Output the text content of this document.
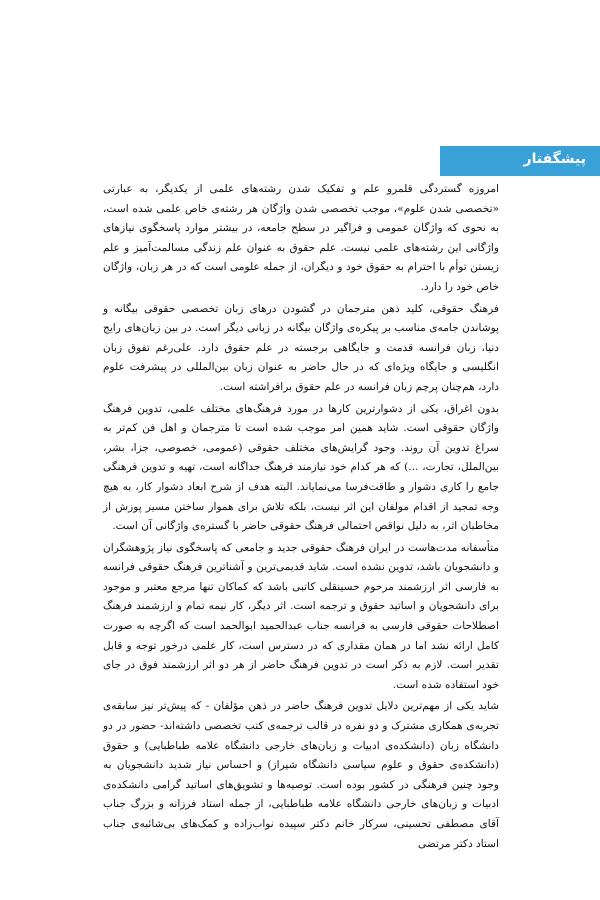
پیشگفتار

امروزه گسترد‌گی قلمرو علم و تفکیک شدن رشته‌های علمی از یکدیگر، به عبارتی «تخصصی شدن علوم»، موجب تخصصی شدن واژگان هر رشته‌ی خاص علمی شده است، به نحوی که واژگان عمومی و فراگیر در سطح جامعه، در بیشتر موارد پاسخگوی نیازهای واژگانی این رشته‌های علمی نیست. علم حقوق به عنوان علم زندگی مسالمت‌آمیز و علم زیستن توأم با احترام به حقوق خود و دیگران، از جمله علومی است که در هر زبان، واژگان خاص خود را دارد.

فرهنگ حقوقی، کلید ذهن مترجمان در گشودن درهای زبان تخصصی حقوقی بیگانه و پوشاندن جامه‌ی مناسب بر پیکره‌ی واژگان بیگانه در زبانی دیگر است. در بین زبان‌های رایج دنیا، زبان فرانسه قدمت و جایگاهی برجسته در علم حقوق دارد. علی‌رغم تفوق زبان انگلیسی و جایگاه ویژه‌ای که در حال حاضر به عنوان زبان بین‌المللی در پیشرفت علوم دارد، هم‌چنان پرچم زبان فرانسه در علم حقوق برافراشته است.

بدون اغراق، یکی از دشوارترین کارها در مورد فرهنگ‌های مختلف علمی، تدوین فرهنگ واژگان حقوقی است. شاید همین امر موجب شده است تا مترجمان و اهل فن کم‌تر به سراغ تدوین آن روند. وجود گرایش‌های مختلف حقوقی (عمومی، خصوصی، جزا، بشر، بین‌الملل، تجارت، ...) که هر کدام خود نیازمند فرهنگ جداگانه است، تهیه و تدوین فرهنگی جامع را کاری دشوار و طاقت‌فرسا می‌نمایاند. البته هدف از شرح ابعاد دشوار کار، به هیچ وجه تمجید از اقدام مولفان این اثر نیست، بلکه تلاش برای هموار ساختن مسیر پوزش از مخاطبان اثر، به دلیل نواقص احتمالی فرهنگ حقوقی حاضر با گستره‌ی واژگانی آن است.

متأسفانه مدت‌هاست در ایران فرهنگ حقوقی جدید و جامعی که پاسخگوی نیاز پژوهشگران و دانشجویان باشد، تدوین نشده است. شاید قدیمی‌ترین و آشناترین فرهنگ حقوقی فرانسه به فارسی اثر ارزشمند مرحوم حسینقلی کاتبی باشد که کماکان تنها مرجع معتبر و موجود برای دانشجویان و اساتید حقوق و ترجمه است. اثر دیگر، کار نیمه تمام و ارزشمند فرهنگ اصطلاحات حقوقی فارسی به فرانسه جناب عبدالحمید ابوالحمد است که اگرچه به صورت کامل ارائه نشد اما در همان مقداری که در دسترس است، کار علمی درخور توجه و قابل تقدیر است. لازم به ذکر است در تدوین فرهنگ حاضر از هر دو اثر ارزشمند فوق در جای خود استفاده شده است.

شاید یکی از مهم‌ترین دلایل تدوین فرهنگ حاضر در ذهن مؤلفان - که پیش‌تر نیز سابقه‌ی تجربه‌ی همکاری مشترک و دو نفره در قالب ترجمه‌ی کتب تخصصی داشته‌اند- حضور در دو دانشگاه زبان (دانشکده‌ی ادبیات و زبان‌های خارجی دانشگاه علامه طباطبایی) و حقوق (دانشکده‌ی حقوق و علوم سیاسی دانشگاه شیراز) و احساس نیاز شدید دانشجویان به وجود چنین فرهنگی در کشور بوده است. توصیه‌ها و تشویق‌های اساتید گرامی دانشکده‌ی ادبیات و زبان‌های خارجی دانشگاه علامه طباطبایی، از جمله استاد فرزانه و بزرگ جناب آقای مصطفی تحسینی، سرکار خانم دکتر سپیده نواب‌زاده و کمک‌های بی‌شائبه‌ی جناب استاد دکتر مرتضی
